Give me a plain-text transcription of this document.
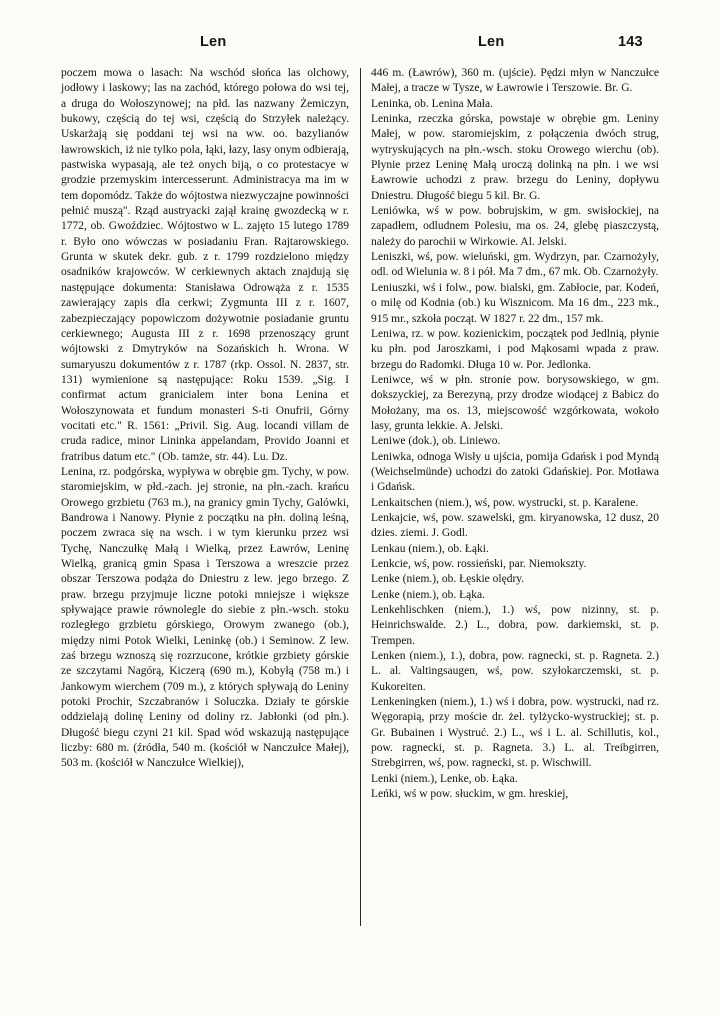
Len	Len	143

poczem mowa o lasach: Na wschód słońca las olchowy, jodłowy i laskowy; las na zachód, którego połowa do wsi tej, a druga do Wołoszynowej; na płd. las nazwany Żemiczyn, bukowy, częścią do tej wsi, częścią do Strzyłek należący. Uskarżają się poddani tej wsi na ww. oo. bazylianów ławrowskich, iż nie tylko pola, łąki, łazy, lasy onym odbierają, pastwiska wypasają, ale też onych biją, o co protestacye w grodzie przemyskim intercesserunt. Administracya ma im w tem dopomódz. Także do wójtostwa niezwyczajne powinności pełnić muszą". Rząd austryacki zajął krainę gwozdecką w r. 1772, ob. Gwoździec. Wójtostwo w L. zajęto 15 lutego 1789 r. Było ono wówczas w posiadaniu Fran. Rajtarowskiego. Grunta w skutek dekr. gub. z r. 1799 rozdzielono między osadników krajowców. W cerkiewnych aktach znajdują się następujące dokumenta: Stanisława Odrowąża z r. 1535 zawierający zapis dla cerkwi; Zygmunta III z r. 1607, zabezpieczający popowiczom dożywotnie posiadanie gruntu cerkiewnego; Augusta III z r. 1698 przenoszący grunt wójtowski z Dmytryków na Sozańskich h. Wrona. W sumaryuszu dokumentów z r. 1787 (rkp. Ossol. N. 2837, str. 131) wymienione są następujące: Roku 1539. „Sig. I confirmat actum granicialem inter bona Lenina et Wołoszynowata et fundum monasteri S-ti Onufrii, Górny vocitati etc." R. 1561: „Privil. Sig. Aug. locandi villam de cruda radice, minor Lininka appelandam, Provido Joanni et fratribus datum etc." (Ob. tamże, str. 44). Lu. Dz.

Lenina, rz. podgórska, wypływa w obrębie gm. Tychy, w pow. staromiejskim, w płd.-zach. jej stronie, na płn.-zach. krańcu Orowego grzbietu (763 m.), na granicy gmin Tychy, Galówki, Bandrowa i Nanowy. Płynie z początku na płn. doliną leśną, poczem zwraca się na wsch. i w tym kierunku przez wsi Tychę, Nanczułkę Małą i Wielką, przez Ławrów, Leninę Wielką, granicą gmin Spasa i Terszowa a wreszcie przez obszar Terszowa podąża do Dniestru z lew. jego brzego. Z praw. brzegu przyjmuje liczne potoki mniejsze i większe spływające prawie równolegle do siebie z płn.-wsch. stoku rozległego grzbietu górskiego, Orowym zwanego (ob.), między nimi Potok Wielki, Leninkę (ob.) i Seminow. Z lew. zaś brzegu wznoszą się rozrzucone, krótkie grzbiety górskie ze szczytami Nagórą, Kiczerą (690 m.), Kobyłą (758 m.) i Jankowym wierchem (709 m.), z których spływają do Leniny potoki Prochir, Szczabranów i Soluczka. Działy te górskie oddzielają dolinę Leniny od doliny rz. Jabłonki (od płn.). Długość biegu czyni 21 kil. Spad wód wskazują następujące liczby: 680 m. (źródła, 540 m. (kościół w Nanczułce Małej), 503 m. (kościół w Nanczułce Wielkiej),

446 m. (Ławrów), 360 m. (ujście). Pędzi młyn w Nanczułce Małej, a tracze w Tysze, w Ławrowie i Terszowie. Br. G.

Leninka, ob. Lenina Mała.

Leninka, rzeczka górska, powstaje w obrębie gm. Leniny Małej, w pow. staromiejskim, z połączenia dwóch strug, wytryskujących na płn.-wsch. stoku Orowego wierchu (ob). Płynie przez Leninę Małą uroczą dolinką na płn. i we wsi Ławrowie uchodzi z praw. brzegu do Leniny, dopływu Dniestru. Długość biegu 5 kil. Br. G.

Leniówka, wś w pow. bobrujskim, w gm. swisłockiej, na zapadłem, odludnem Polesiu, ma os. 24, glebę piaszczystą, należy do parochii w Wirkowie. Al. Jelski.

Leniszki, wś, pow. wieluński, gm. Wydrzyn, par. Czarnożyły, odl. od Wielunia w. 8 i pół. Ma 7 dm., 67 mk. Ob. Czarnożyły.

Leniuszki, wś i folw., pow. bialski, gm. Zabłocie, par. Kodeń, o milę od Kodnia (ob.) ku Wisznicom. Ma 16 dm., 223 mk., 915 mr., szkoła począt. W 1827 r. 22 dm., 157 mk.

Leniwa, rz. w pow. kozienickim, początek pod Jedlnią, płynie ku płn. pod Jaroszkami, i pod Mąkosami wpada z praw. brzegu do Radomki. Długa 10 w. Por. Jedlonka.

Leniwce, wś w płn. stronie pow. borysowskiego, w gm. dokszyckiej, za Berezyną, przy drodze wiodącej z Babicz do Mołożany, ma os. 13, miejscowość wzgórkowata, wokoło lasy, grunta lekkie. A. Jelski.

Leniwe (dok.), ob. Liniewo.

Leniwka, odnoga Wisły u ujścia, pomija Gdańsk i pod Myndą (Weichselmünde) uchodzi do zatoki Gdańskiej. Por. Motława i Gdańsk.

Lenkaitschen (niem.), wś, pow. wystrucki, st. p. Karalene.

Lenkajcie, wś, pow. szawelski, gm. kiryanowska, 12 dusz, 20 dzies. ziemi. J. Godl.

Lenkau (niem.), ob. Łąki.

Lenkcie, wś, pow. rossieński, par. Niemokszty.

Lenke (niem.), ob. Łęskie olędry.

Lenke (niem.), ob. Łąka.

Lenkehlischken (niem.), 1.) wś, pow nizinny, st. p. Heinrichswalde. 2.) L., dobra, pow. darkiemski, st. p. Trempen.

Lenken (niem.), 1.), dobra, pow. ragnecki, st. p. Ragneta. 2.) L. al. Valtingsaugen, wś, pow. szyłokarczemski, st. p. Kukoreiten.

Lenkeningken (niem.), 1.) wś i dobra, pow. wystrucki, nad rz. Węgorapią, przy moście dr. żel. tylżycko-wystruckiej; st. p. Gr. Bubainen i Wystruć. 2.) L., wś i L. al. Schillutis, kol., pow. ragnecki, st. p. Ragneta. 3.) L. al. Treibgirren, Strebgirren, wś, pow. ragnecki, st. p. Wischwill.

Lenki (niem.), Lenke, ob. Łąka.

Leńki, wś w pow. słuckim, w gm. hreskiej,
